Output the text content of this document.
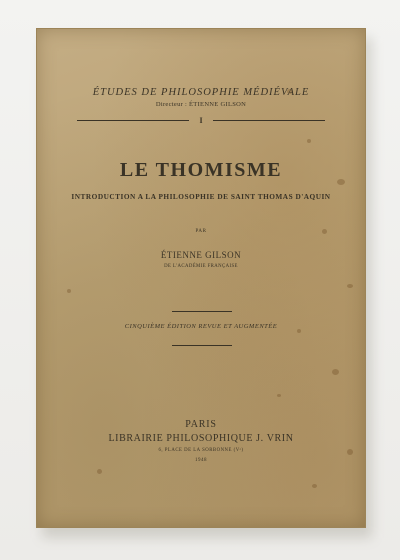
ÉTUDES DE PHILOSOPHIE MÉDIÉVALE
Directeur : ÉTIENNE GILSON
I
LE THOMISME
INTRODUCTION A LA PHILOSOPHIE DE SAINT THOMAS D'AQUIN
PAR
ÉTIENNE GILSON
DE L'ACADÉMIE FRANÇAISE
CINQUIÈME ÉDITION REVUE ET AUGMENTÉE
PARIS
LIBRAIRIE PHILOSOPHIQUE J. VRIN
6, PLACE DE LA SORBONNE (Vᵉ)
1948
